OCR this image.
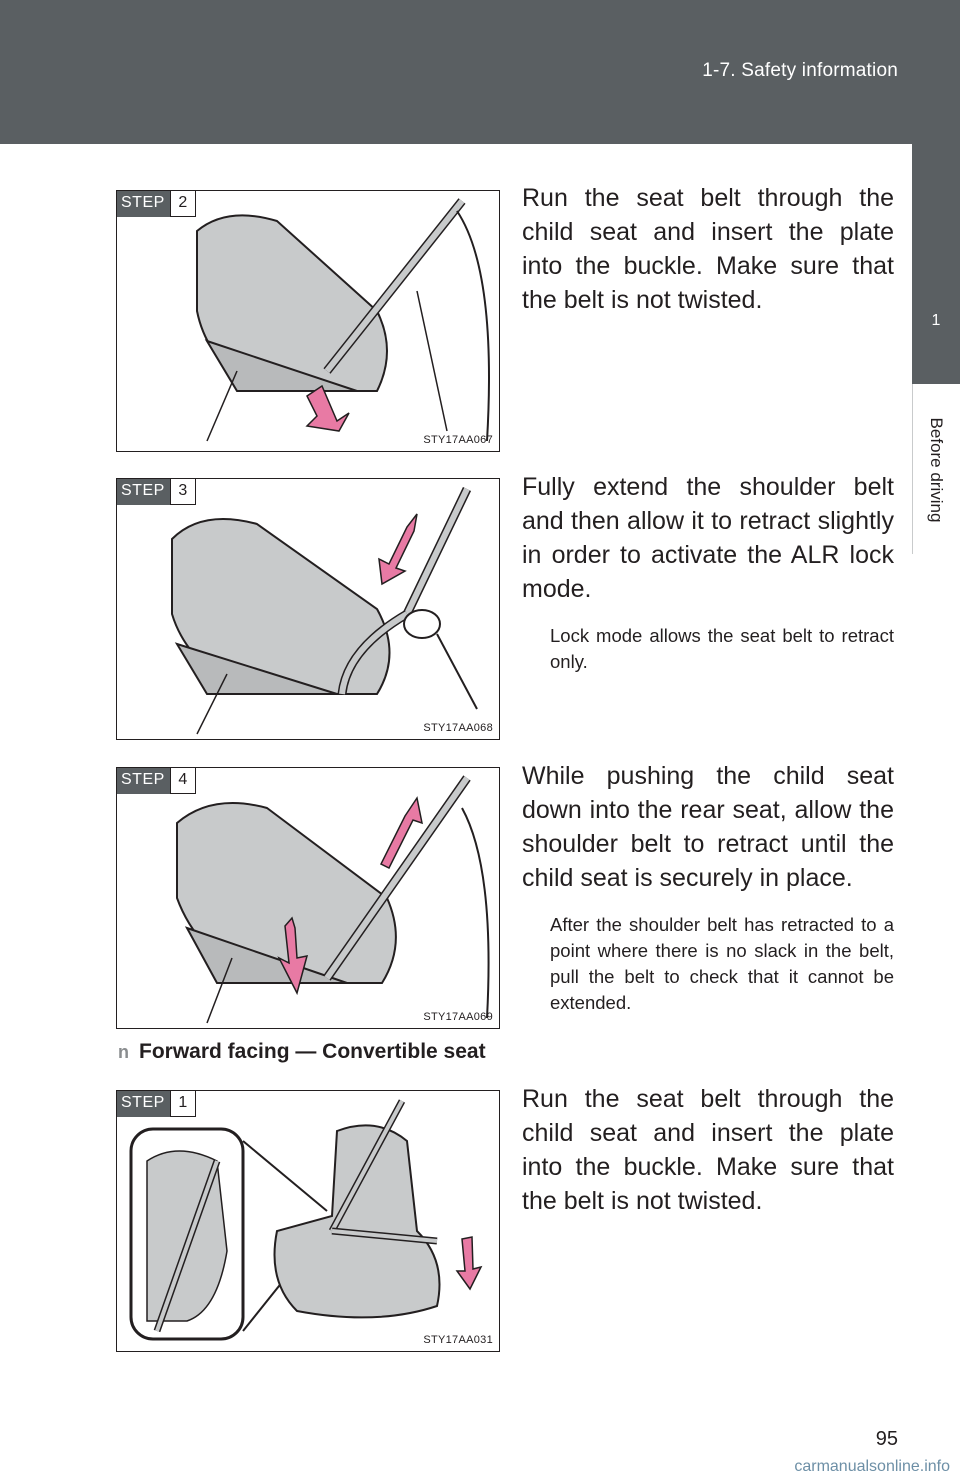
1-7. Safety information
1
Before driving
STEP 2
STY17AA067
Run the seat belt through the child seat and insert the plate into the buckle. Make sure that the belt is not twisted.
STEP 3
STY17AA068
Fully extend the shoulder belt and then allow it to retract slightly in order to activate the ALR lock mode.
Lock mode allows the seat belt to retract only.
STEP 4
STY17AA069
While pushing the child seat down into the rear seat, allow the shoulder belt to retract until the child seat is securely in place.
After the shoulder belt has retracted to a point where there is no slack in the belt, pull the belt to check that it cannot be extended.
n Forward facing — Convertible seat
STEP 1
STY17AA031
Run the seat belt through the child seat and insert the plate into the buckle. Make sure that the belt is not twisted.
95
carmanualsonline.info
